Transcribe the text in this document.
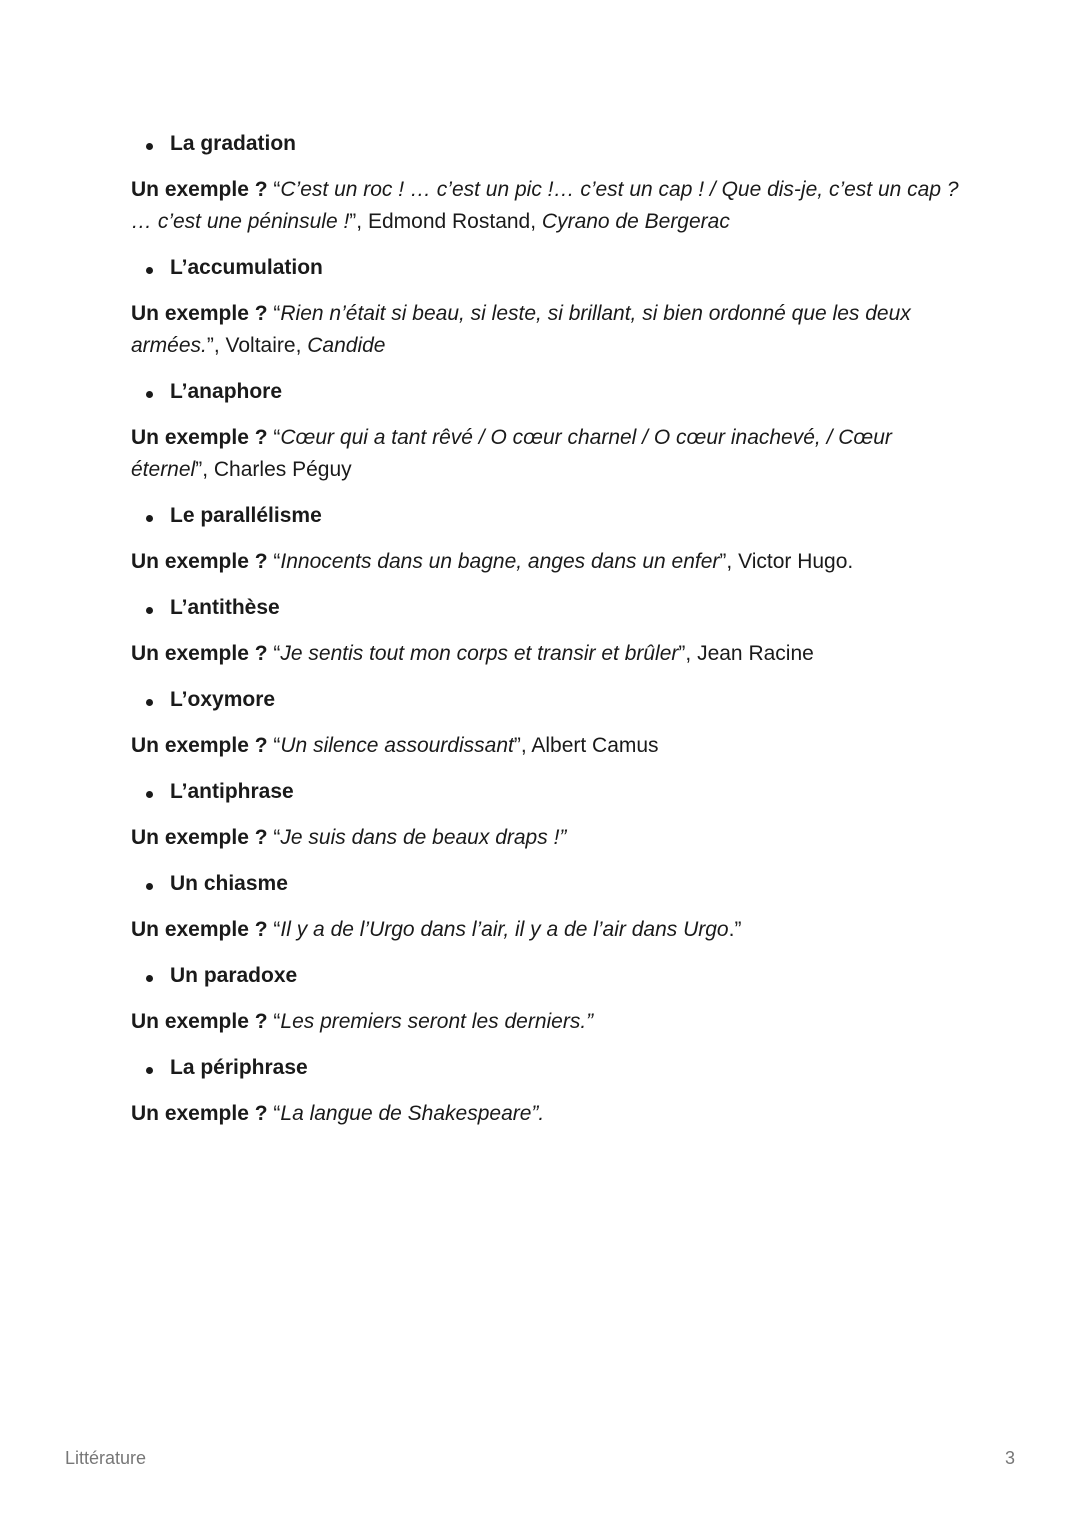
La gradation
Un exemple ? “C’est un roc ! … c’est un pic !… c’est un cap ! / Que dis-je, c’est un cap ? … c’est une péninsule !”, Edmond Rostand, Cyrano de Bergerac
L’accumulation
Un exemple ? “Rien n’était si beau, si leste, si brillant, si bien ordonné que les deux armées.”, Voltaire, Candide
L’anaphore
Un exemple ? “Cœur qui a tant rêvé / O cœur charnel / O cœur inachevé, / Cœur éternel”, Charles Péguy
Le parallélisme
Un exemple ? “Innocents dans un bagne, anges dans un enfer”, Victor Hugo.
L’antithèse
Un exemple ? “Je sentis tout mon corps et transir et brûler”, Jean Racine
L’oxymore
Un exemple ? “Un silence assourdissant”, Albert Camus
L’antiphrase
Un exemple ? “Je suis dans de beaux draps !”
Un chiasme
Un exemple ? “Il y a de l’Urgo dans l’air, il y a de l’air dans Urgo.”
Un paradoxe
Un exemple ? “Les premiers seront les derniers.”
La périphrase
Un exemple ? “La langue de Shakespeare”.
Littérature	3
